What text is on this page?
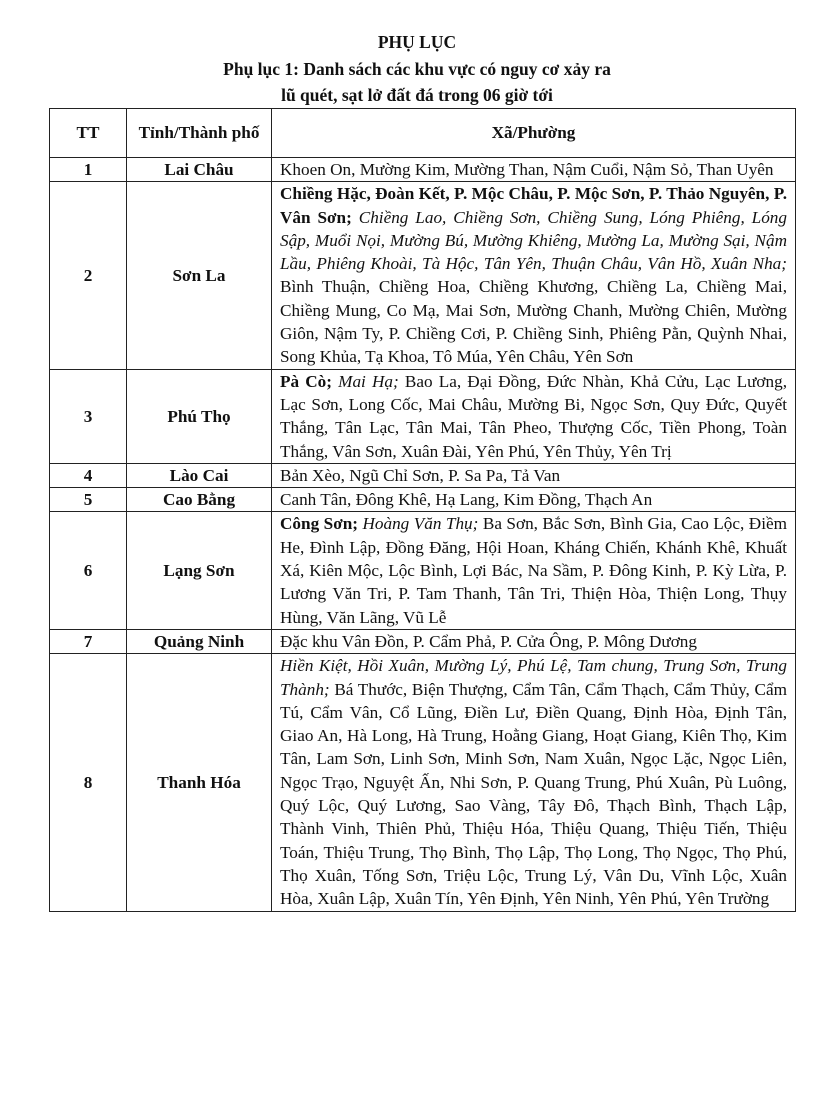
PHỤ LỤC
Phụ lục 1: Danh sách các khu vực có nguy cơ xảy ra
lũ quét, sạt lở đất đá trong 06 giờ tới
TT	Tỉnh/Thành phố	Xã/Phường
1	Lai Châu	Khoen On, Mường Kim, Mường Than, Nậm Cuổi, Nậm Sỏ, Than Uyên
2	Sơn La	Chiềng Hặc, Đoàn Kết, P. Mộc Châu, P. Mộc Sơn, P. Thảo Nguyên, P. Vân Sơn; Chiềng Lao, Chiềng Sơn, Chiềng Sung, Lóng Phiêng, Lóng Sập, Muổi Nọi, Mường Bú, Mường Khiêng, Mường La, Mường Sại, Nậm Lầu, Phiêng Khoài, Tà Hộc, Tân Yên, Thuận Châu, Vân Hồ, Xuân Nha; Bình Thuận, Chiềng Hoa, Chiềng Khương, Chiềng La, Chiềng Mai, Chiềng Mung, Co Mạ, Mai Sơn, Mường Chanh, Mường Chiên, Mường Giôn, Nậm Ty, P. Chiềng Cơi, P. Chiềng Sinh, Phiêng Pằn, Quỳnh Nhai, Song Khủa, Tạ Khoa, Tô Múa, Yên Châu, Yên Sơn
3	Phú Thọ	Pà Cò; Mai Hạ; Bao La, Đại Đồng, Đức Nhàn, Khả Cửu, Lạc Lương, Lạc Sơn, Long Cốc, Mai Châu, Mường Bi, Ngọc Sơn, Quy Đức, Quyết Thắng, Tân Lạc, Tân Mai, Tân Pheo, Thượng Cốc, Tiền Phong, Toàn Thắng, Vân Sơn, Xuân Đài, Yên Phú, Yên Thủy, Yên Trị
4	Lào Cai	Bản Xèo, Ngũ Chỉ Sơn, P. Sa Pa, Tả Van
5	Cao Bằng	Canh Tân, Đông Khê, Hạ Lang, Kim Đồng, Thạch An
6	Lạng Sơn	Công Sơn; Hoàng Văn Thụ; Ba Sơn, Bắc Sơn, Bình Gia, Cao Lộc, Điềm He, Đình Lập, Đồng Đăng, Hội Hoan, Kháng Chiến, Khánh Khê, Khuất Xá, Kiên Mộc, Lộc Bình, Lợi Bác, Na Sầm, P. Đông Kinh, P. Kỳ Lừa, P. Lương Văn Tri, P. Tam Thanh, Tân Tri, Thiện Hòa, Thiện Long, Thụy Hùng, Văn Lãng, Vũ Lễ
7	Quảng Ninh	Đặc khu Vân Đồn, P. Cẩm Phả, P. Cửa Ông, P. Mông Dương
8	Thanh Hóa	Hiền Kiệt, Hồi Xuân, Mường Lý, Phú Lệ, Tam chung, Trung Sơn, Trung Thành; Bá Thước, Biện Thượng, Cẩm Tân, Cẩm Thạch, Cẩm Thủy, Cẩm Tú, Cẩm Vân, Cổ Lũng, Điền Lư, Điền Quang, Định Hòa, Định Tân, Giao An, Hà Long, Hà Trung, Hoằng Giang, Hoạt Giang, Kiên Thọ, Kim Tân, Lam Sơn, Linh Sơn, Minh Sơn, Nam Xuân, Ngọc Lặc, Ngọc Liên, Ngọc Trạo, Nguyệt Ấn, Nhi Sơn, P. Quang Trung, Phú Xuân, Pù Luông, Quý Lộc, Quý Lương, Sao Vàng, Tây Đô, Thạch Bình, Thạch Lập, Thành Vinh, Thiên Phủ, Thiệu Hóa, Thiệu Quang, Thiệu Tiến, Thiệu Toán, Thiệu Trung, Thọ Bình, Thọ Lập, Thọ Long, Thọ Ngọc, Thọ Phú, Thọ Xuân, Tống Sơn, Triệu Lộc, Trung Lý, Vân Du, Vĩnh Lộc, Xuân Hòa, Xuân Lập, Xuân Tín, Yên Định, Yên Ninh, Yên Phú, Yên Trường
